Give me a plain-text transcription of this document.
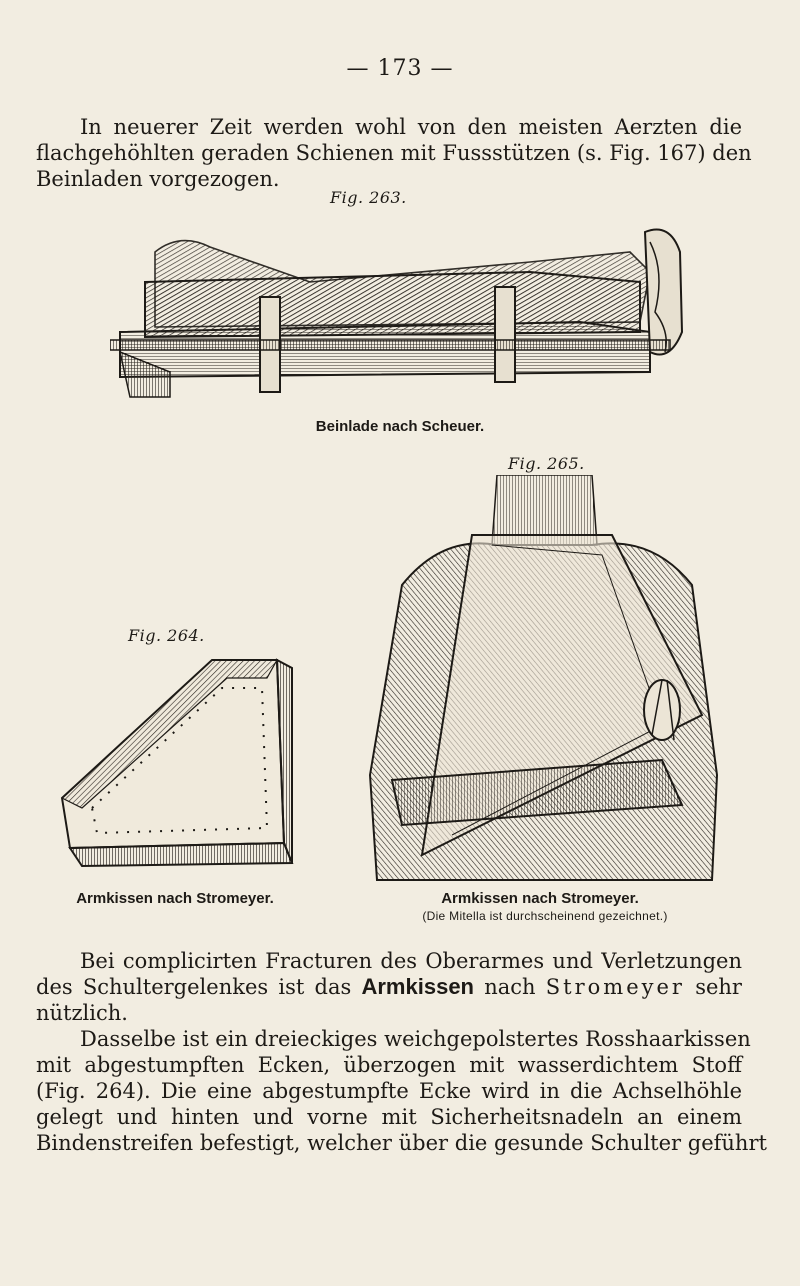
— 173 —
In neuerer Zeit werden wohl von den meisten Aerzten die
flachgehöhlten geraden Schienen mit Fussstützen (s. Fig. 167) den
Beinladen vorgezogen.
Fig. 263.
Beinlade nach Scheuer.
Fig. 265.
Fig. 264.
Armkissen nach Stromeyer.	Armkissen nach Stromeyer.
(Die Mitella ist durchscheinend gezeichnet.)
Bei complicirten Fracturen des Oberarmes und Verletzungen
des Schultergelenkes ist das Armkissen nach Stromeyer sehr
nützlich.
Dasselbe ist ein dreieckiges weichgepolstertes Rosshaarkissen
mit abgestumpften Ecken, überzogen mit wasserdichtem Stoff
(Fig. 264). Die eine abgestumpfte Ecke wird in die Achselhöhle
gelegt und hinten und vorne mit Sicherheitsnadeln an einem
Bindenstreifen befestigt, welcher über die gesunde Schulter geführt
